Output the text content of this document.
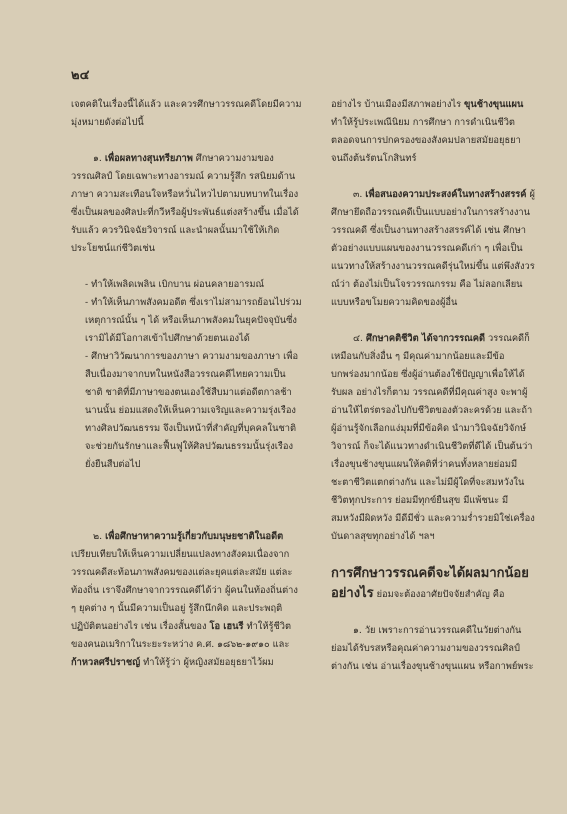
๒๔

เจตคติในเรื่องนี้ได้แล้ว และควรศึกษาวรรณคดีโดยมีความมุ่งหมายดังต่อไปนี้

๑. เพื่อผลทางสุนทรียภาพ ศึกษาความงามของวรรณศิลป์ โดยเฉพาะทางอารมณ์ ความรู้สึก รสนิยมด้านภาษา ความสะเทือนใจหรือหวั่นไหวไปตามบทบาทในเรื่อง ซึ่งเป็นผลของศิลปะที่กวีหรือผู้ประพันธ์แต่งสร้างขึ้น เมื่อได้รับแล้ว ควรวินิจฉัยวิจารณ์ และนำผลนั้นมาใช้ให้เกิดประโยชน์แก่ชีวิตเช่น

- ทำให้เพลิดเพลิน เบิกบาน ผ่อนคลายอารมณ์

- ทำให้เห็นภาพสังคมอดีต ซึ่งเราไม่สามารถย้อนไปร่วมเหตุการณ์นั้น ๆ ได้ หรือเห็นภาพสังคมในยุคปัจจุบันซึ่งเรามิได้มีโอกาสเข้าไปศึกษาด้วยตนเองได้

- ศึกษาวิวัฒนาการของภาษา ความงามของภาษา เพื่อสืบเนื่องมาจากบทในหนังสือวรรณคดีไทยความเป็นชาติ ชาติที่มีภาษาของตนเองใช้สืบมาแต่อดีตกาลช้านานนั้น ย่อมแสดงให้เห็นความเจริญและความรุ่งเรืองทางศิลปวัฒนธรรม จึงเป็นหน้าที่สำคัญที่บุคคลในชาติจะช่วยกันรักษาและฟื้นฟูให้ศิลปวัฒนธรรมนั้นรุ่งเรืองยั่งยืนสืบต่อไป

๒. เพื่อศึกษาหาความรู้เกี่ยวกับมนุษยชาติในอดีต เปรียบเทียบให้เห็นความเปลี่ยนแปลงทางสังคมเนื่องจากวรรณคดีสะท้อนภาพสังคมของแต่ละยุคแต่ละสมัย แต่ละท้องถิ่น เราจึงศึกษาจากวรรณคดีได้ว่า ผู้คนในท้องถิ่นต่าง ๆ ยุคต่าง ๆ นั้นมีความเป็นอยู่ รู้สึกนึกคิด และประพฤติปฏิบัติตนอย่างไร เช่น เรื่องสั้นของ โอ เฮนรี ทำให้รู้ชีวิตของคนอเมริกาในระยะระหว่าง ค.ศ. ๑๘๖๒-๑๙๑๐ และ ก้าหวลศรีปราชญ์ ทำให้รู้ว่า ผู้หญิงสมัยอยุธยาไว้ผม

อย่างไร บ้านเมืองมีสภาพอย่างไร ขุนช้างขุนแผน ทำให้รู้ประเพณีนิยม การศึกษา การดำเนินชีวิตตลอดจนการปกครองของสังคมปลายสมัยอยุธยาจนถึงต้นรัตนโกสินทร์

๓. เพื่อสนองความประสงค์ในทางสร้างสรรค์ ผู้ศึกษายึดถือวรรณคดีเป็นแบบอย่างในการสร้างงานวรรณคดี ซึ่งเป็นงานทางสร้างสรรค์ได้ เช่น ศึกษาตัวอย่างแบบแผนของงานวรรณคดีเก่า ๆ เพื่อเป็นแนวทางให้สร้างงานวรรณคดีรุ่นใหม่ขึ้น แต่พึงสังวรณ์ว่า ต้องไม่เป็นโจรวรรณกรรม คือ ไม่ลอกเลียนแบบหรือขโมยความคิดของผู้อื่น

๔. ศึกษาคติชีวิต ได้จากวรรณคดี วรรณคดีก็เหมือนกับสิ่งอื่น ๆ มีคุณค่ามากน้อยและมีข้อบกพร่องมากน้อย ซึ่งผู้อ่านต้องใช้ปัญญาเพื่อให้ได้รับผล อย่างไรก็ตาม วรรณคดีที่มีคุณค่าสูง จะพาผู้อ่านให้ไตร่ตรองไปกับชีวิตของตัวละครด้วย และถ้าผู้อ่านรู้จักเลือกแง่มุมที่มีข้อคิด นำมาวินิจฉัยวิจักษ์วิจารณ์ ก็จะได้แนวทางดำเนินชีวิตที่ดีได้ เป็นต้นว่า เรื่องขุนช้างขุนแผนให้คติที่ว่าคนทั้งหลายย่อมมีชะตาชีวิตแตกต่างกัน และไม่มีผู้ใดที่จะสมหวังในชีวิตทุกประการ ย่อมมีทุกข์ยืนสุข มีแพ้ชนะ มีสมหวังมีผิดหวัง มีดีมีชั่ว และความร่ำรวยมิใช่เครื่องบันดาลสุขทุกอย่างได้ ฯลฯ

การศึกษาวรรณคดีจะได้ผลมากน้อยอย่างไร ย่อมจะต้องอาศัยปัจจัยสำคัญ คือ

๑. วัย เพราะการอ่านวรรณคดีในวัยต่างกันย่อมได้รับรสหรือคุณค่าความงามของวรรณศิลป์ต่างกัน เช่น อ่านเรื่องขุนช้างขุนแผน หรือกาพย์พระ
